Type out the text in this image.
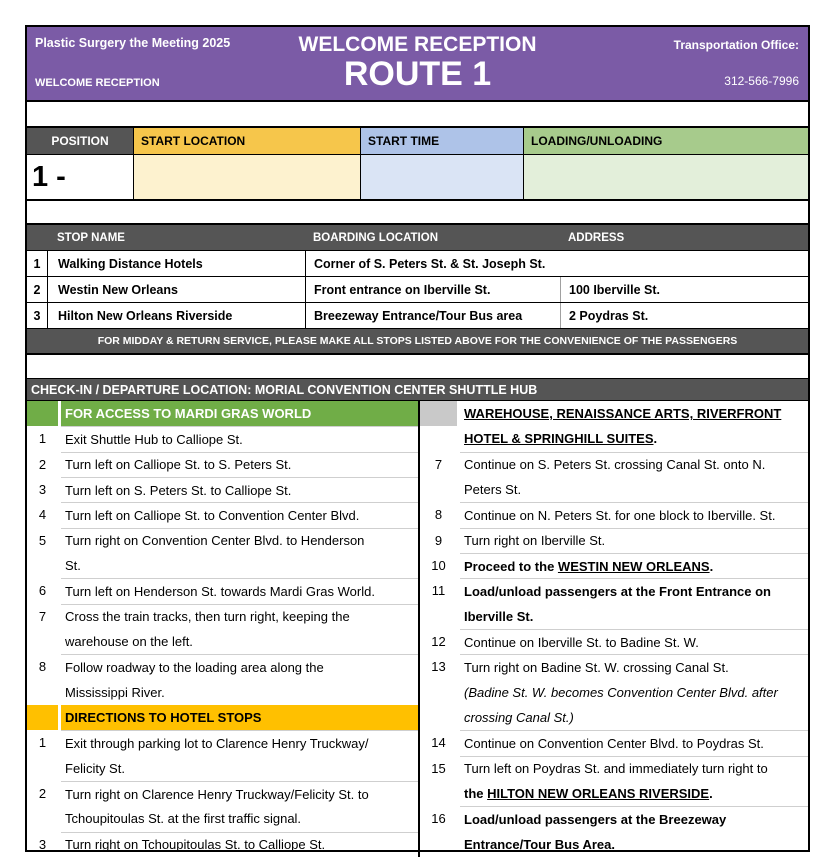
Plastic Surgery the Meeting 2025
WELCOME RECEPTION
WELCOME RECEPTION
ROUTE 1
Transportation Office:
312-566-7996
POSITION	START LOCATION	START TIME	LOADING/UNLOADING
1 -
STOP NAME	BOARDING LOCATION	ADDRESS
1	Walking Distance Hotels	Corner of S. Peters St. & St. Joseph St.
2	Westin New Orleans	Front entrance on Iberville St.	100 Iberville St.
3	Hilton New Orleans Riverside	Breezeway Entrance/Tour Bus area	2 Poydras St.
FOR MIDDAY & RETURN SERVICE, PLEASE MAKE ALL STOPS LISTED ABOVE FOR THE CONVENIENCE OF THE PASSENGERS
CHECK-IN / DEPARTURE LOCATION: MORIAL CONVENTION CENTER SHUTTLE HUB
FOR ACCESS TO MARDI GRAS WORLD
1	Exit Shuttle Hub to Calliope St.
2	Turn left on Calliope St. to S. Peters St.
3	Turn left on S. Peters St. to Calliope St.
4	Turn left on Calliope St. to Convention Center Blvd.
5	Turn right on Convention Center Blvd. to Henderson
St.
6	Turn left on Henderson St. towards Mardi Gras World.
7	Cross the train tracks, then turn right, keeping the
warehouse on the left.
8	Follow roadway to the loading area along the
Mississippi River.
DIRECTIONS TO HOTEL STOPS
1	Exit through parking lot to Clarence Henry Truckway/
Felicity St.
2	Turn right on Clarence Henry Truckway/Felicity St. to
Tchoupitoulas St. at the first traffic signal.
3	Turn right on Tchoupitoulas St. to Calliope St.
WAREHOUSE, RENAISSANCE ARTS, RIVERFRONT
HOTEL & SPRINGHILL SUITES .
7	Continue on S. Peters St. crossing Canal St. onto N.
Peters St.
8	Continue on N. Peters St. for one block to Iberville. St.
9	Turn right on Iberville St.
10	Proceed to the WESTIN NEW ORLEANS .
11	Load/unload passengers at the Front Entrance on
Iberville St.
12	Continue on Iberville St. to Badine St. W.
13	Turn right on Badine St. W. crossing Canal St.
(Badine St. W. becomes Convention Center Blvd. after
crossing Canal St.)
14	Continue on Convention Center Blvd. to Poydras St.
15	Turn left on Poydras St. and immediately turn right to
the HILTON NEW ORLEANS RIVERSIDE .
16	Load/unload passengers at the Breezeway
Entrance/Tour Bus Area.
